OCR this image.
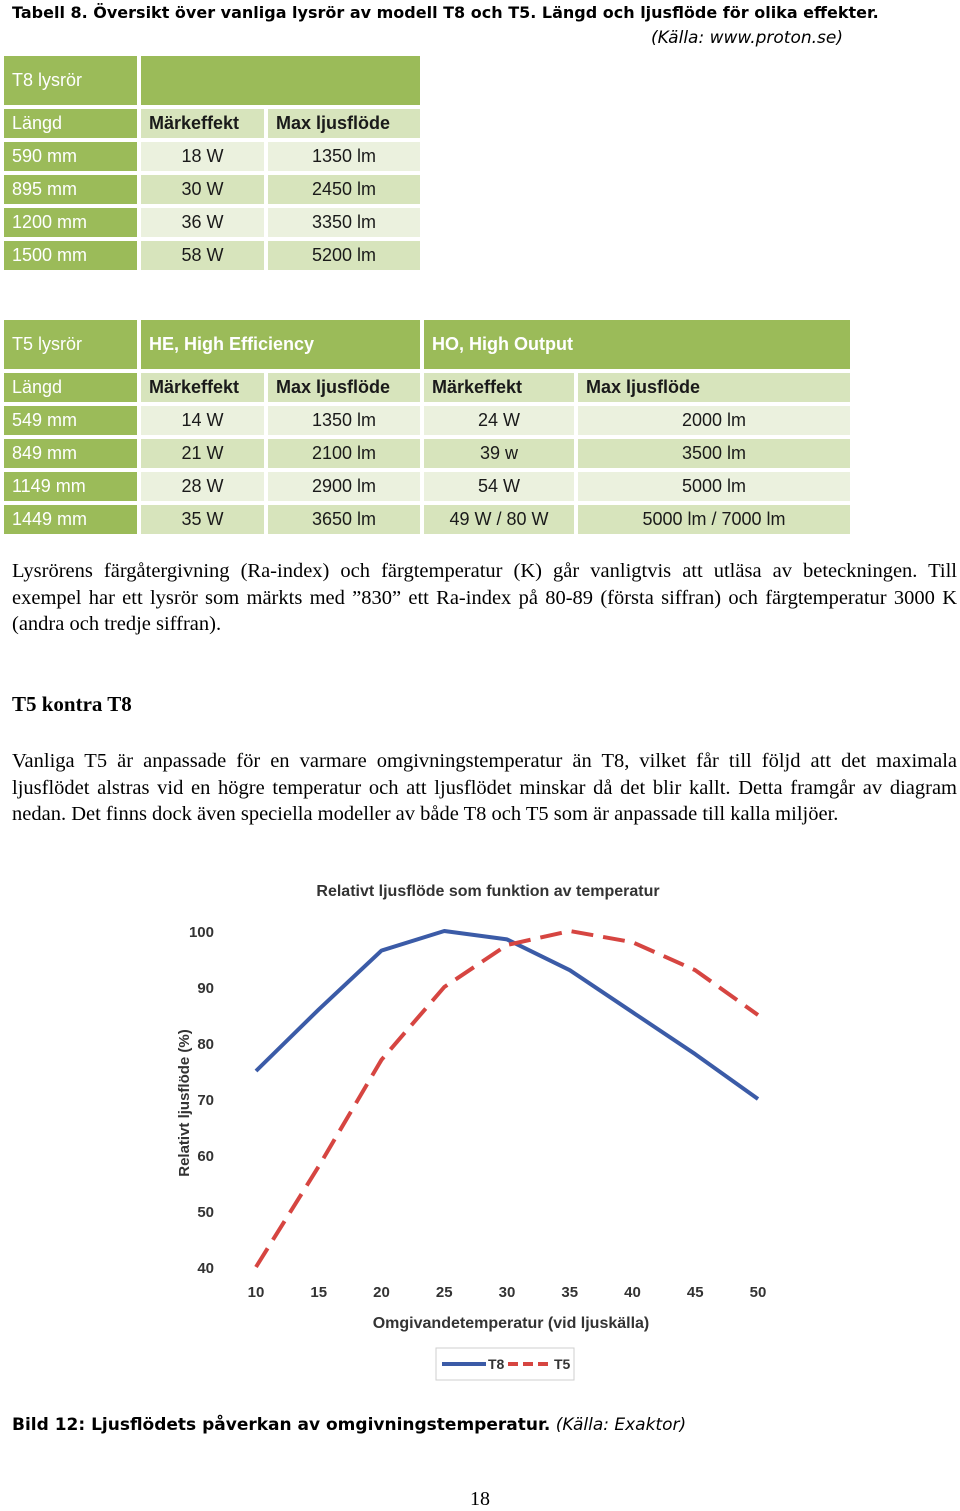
Tabell 8. Översikt över vanliga lysrör av modell T8 och T5. Längd och ljusflöde för olika effekter.
(Källa: www.proton.se)
T8 lysrör		
Längd	Märkeffekt	Max ljusflöde
590 mm	18 W	1350 lm
895 mm	30 W	2450 lm
1200 mm	36 W	3350 lm
1500 mm	58 W	5200 lm
T5 lysrör	HE, High Efficiency		HO, High Output	
Längd	Märkeffekt	Max ljusflöde	Märkeffekt	Max ljusflöde
549 mm	14 W	1350 lm	24 W	2000 lm
849 mm	21 W	2100 lm	39 w	3500 lm
1149 mm	28 W	2900 lm	54 W	5000 lm
1449 mm	35 W	3650 lm	49 W / 80 W	5000 lm / 7000 lm
Lysrörens färgåtergivning (Ra-index) och färgtemperatur (K) går vanligtvis att utläsa av beteckningen. Till exempel har ett lysrör som märkts med ”830” ett Ra-index på 80-89 (första siffran) och färgtemperatur 3000 K (andra och tredje siffran).
T5 kontra T8
Vanliga T5 är anpassade för en varmare omgivningstemperatur än T8, vilket får till följd att det maximala ljusflödet alstras vid en högre temperatur och att ljusflödet minskar då det blir kallt. Detta framgår av diagram nedan. Det finns dock även speciella modeller av både T8 och T5 som är anpassade till kalla miljöer.
Relativt ljusflöde som funktion av temperatur
Relativt ljusflöde (%)
Omgivandetemperatur (vid ljuskälla)
40
50
60
70
80
90
100
10	15	20	25	30	35	40	45	50
T8	T5
Bild 12: Ljusflödets påverkan av omgivningstemperatur. (Källa: Exaktor)
18
